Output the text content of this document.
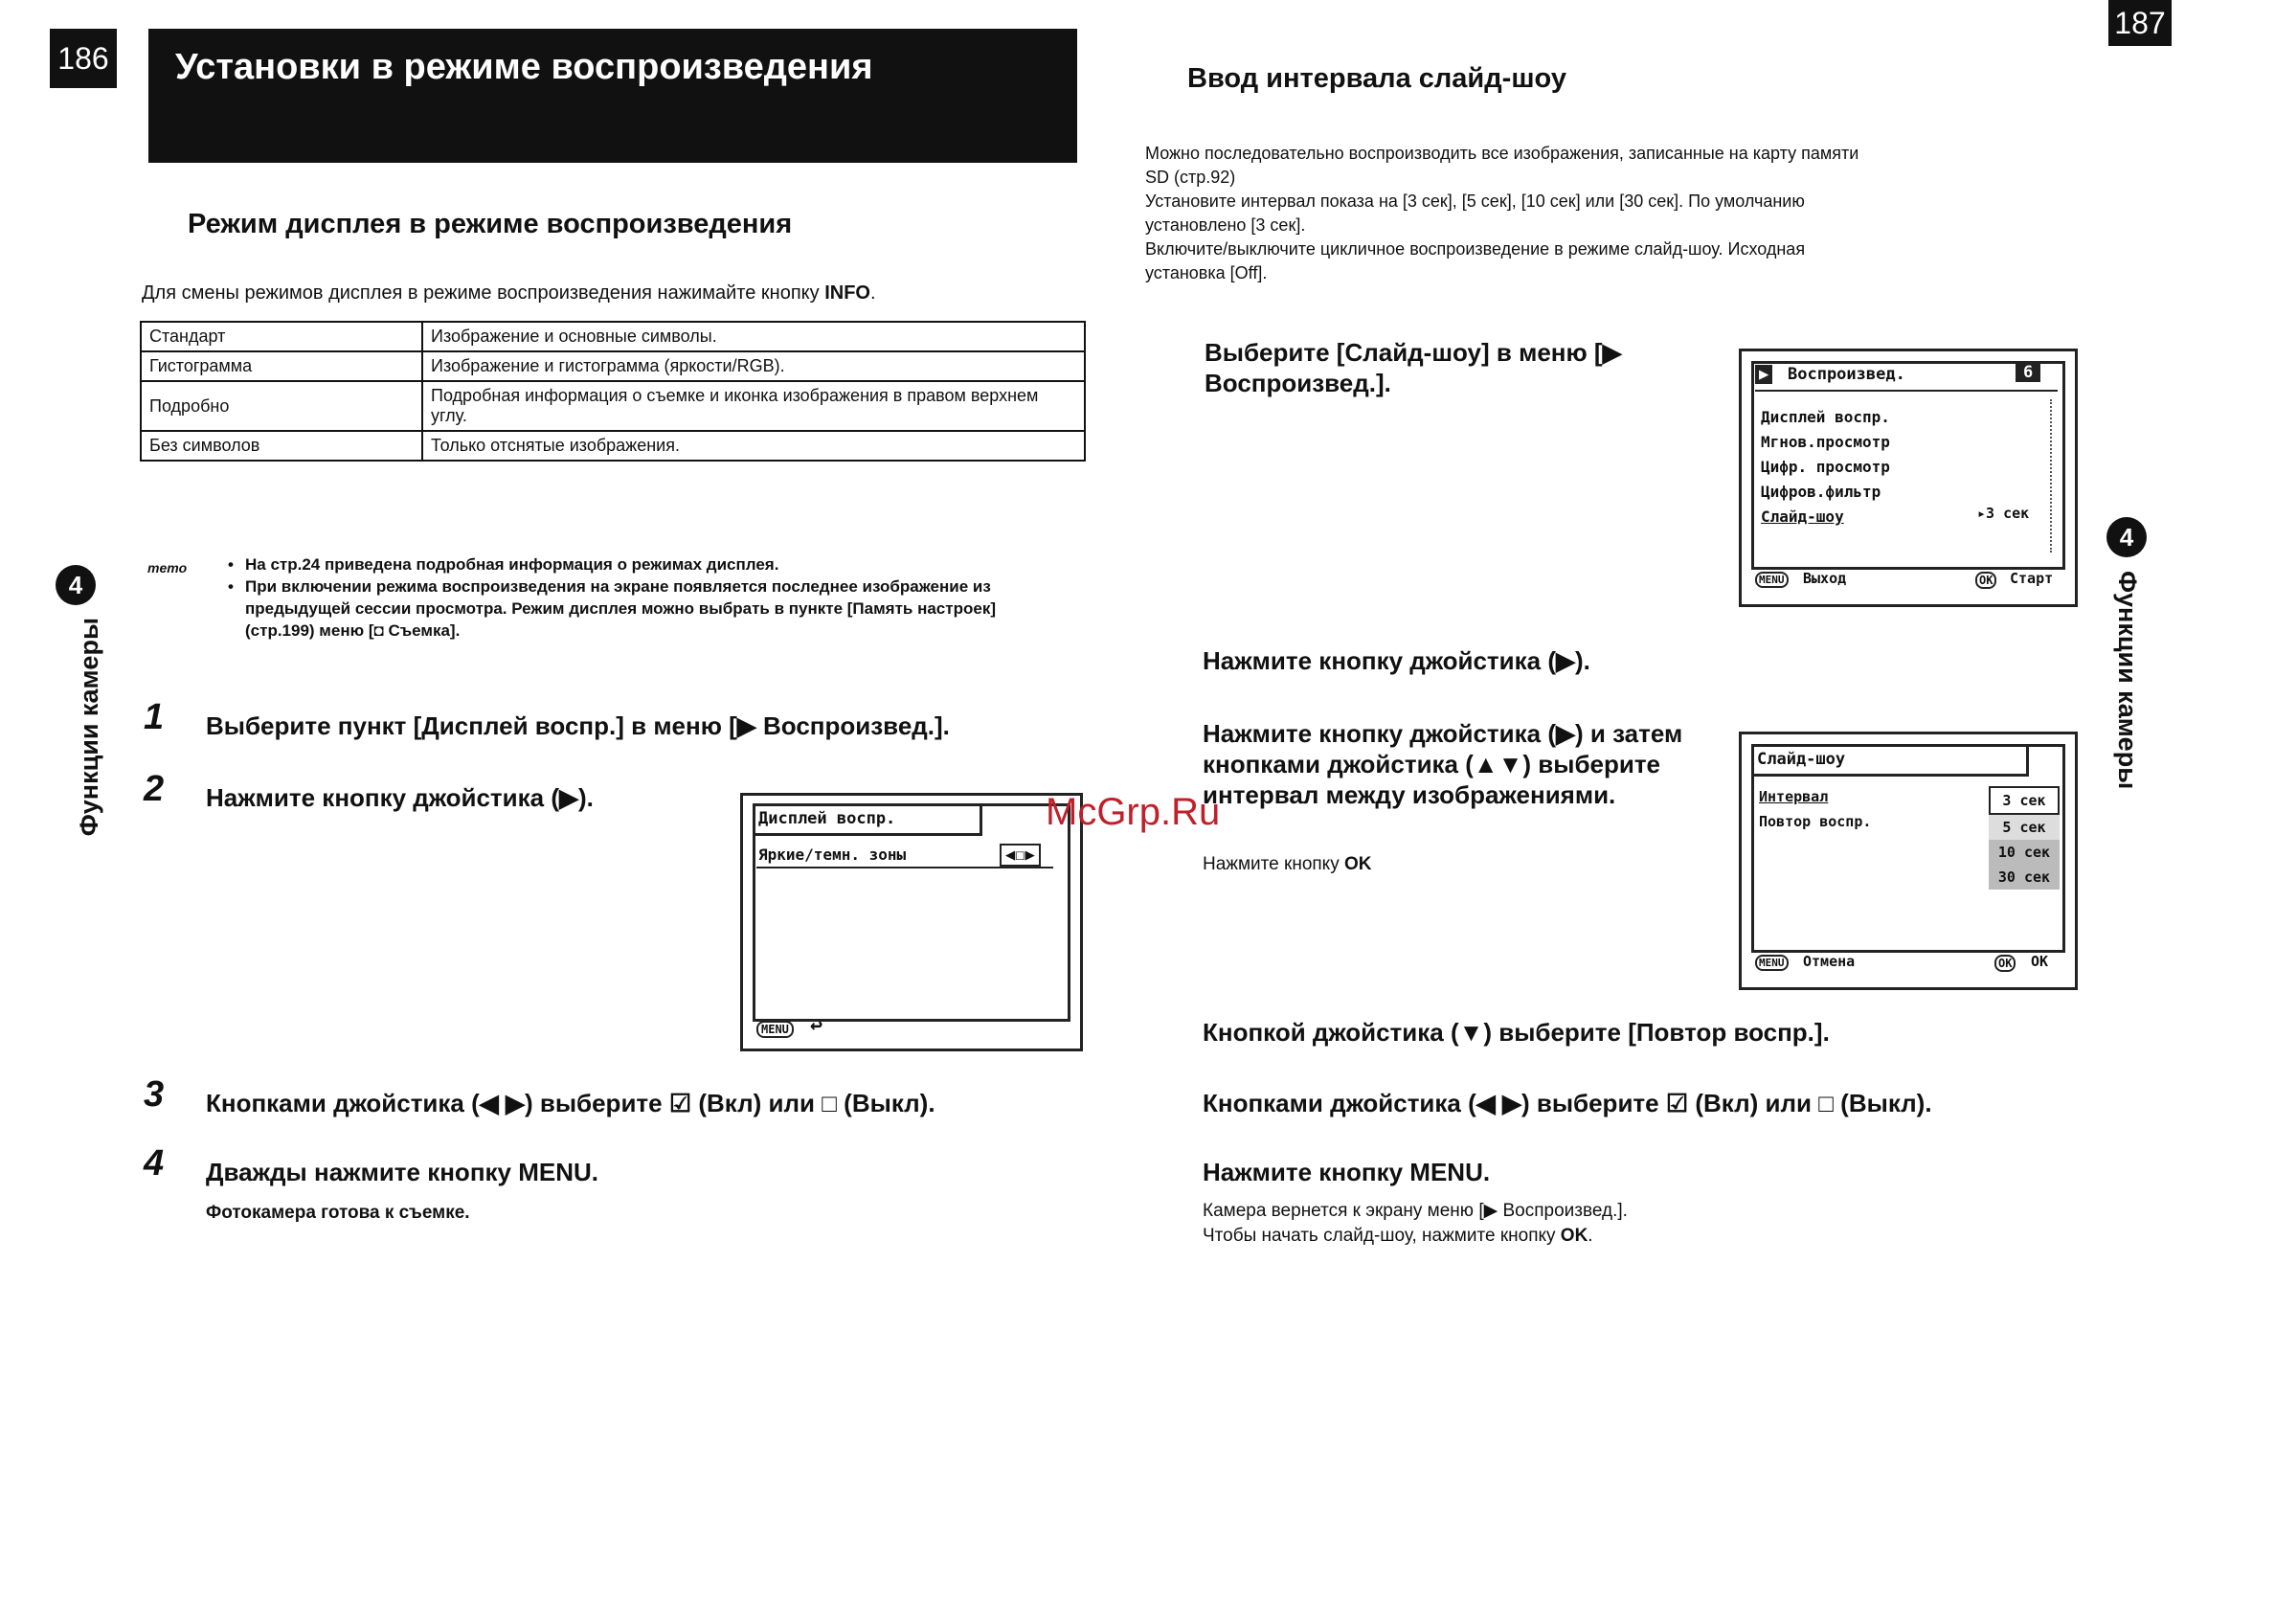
186	Установки в режиме воспроизведения
Режим дисплея в режиме воспроизведения
Для смены режимов дисплея в режиме воспроизведения нажимайте кнопку INFO.
Стандарт	Изображение и основные символы.
Гистограмма	Изображение и гистограмма (яркости/RGB).
Подробно	Подробная информация о съемке и иконка изображения в правом верхнем углу.
Без символов	Только отснятые изображения.
memo	• На стр.24 приведена подробная информация о режимах дисплея.
• При включении режима воспроизведения на экране появляется последнее изображение из предыдущей сессии просмотра. Режим дисплея можно выбрать в пункте [Память настроек] (стр.199) меню [◘ Съемка].
4
Функции камеры 1 Выберите пункт [Дисплей воспр.] в меню [▶ Воспроизвед.].
2 Нажмите кнопку джойстика (▶).
Дисплей воспр.
Яркие/темн. зоны	◀☐▶
MENU ↩
3 Кнопками джойстика (◀ ▶) выберите ☑ (Вкл) или □ (Выкл).
4 Дважды нажмите кнопку MENU.
Фотокамера готова к съемке.
187
Ввод интервала слайд-шоу
Можно последовательно воспроизводить все изображения, записанные на карту памяти
SD (стр.92)
Установите интервал показа на [3 сек], [5 сек], [10 сек] или [30 сек]. По умолчанию
установлено [3 сек].
Включите/выключите цикличное воспроизведение в режиме слайд-шоу. Исходная
установка [Off].
Выберите [Слайд-шоу] в меню [▶ Воспроизвед.].	▶ Воспроизвед.	6
Дисплей воспр.
Мгнов.просмотр
Цифр. просмотр
Цифров.фильтр
Слайд-шоу	▸3 сек
MENU Выход	OK Старт
Нажмите кнопку джойстика (▶).
Нажмите кнопку джойстика (▶) и затем кнопками джойстика (▲▼) выберите интервал между изображениями.
Нажмите кнопку OK
Слайд-шоу
Интервал
Повтор воспр.
3 сек
5 сек
10 сек
30 сек
MENU Отмена	OK OK
Кнопкой джойстика (▼) выберите [Повтор воспр.].
Кнопками джойстика (◀ ▶) выберите ☑ (Вкл) или □ (Выкл).
Нажмите кнопку MENU.
Камера вернется к экрану меню [▶ Воспроизвед.].
Чтобы начать слайд-шоу, нажмите кнопку OK.
4
Функции камеры
McGrp.Ru
